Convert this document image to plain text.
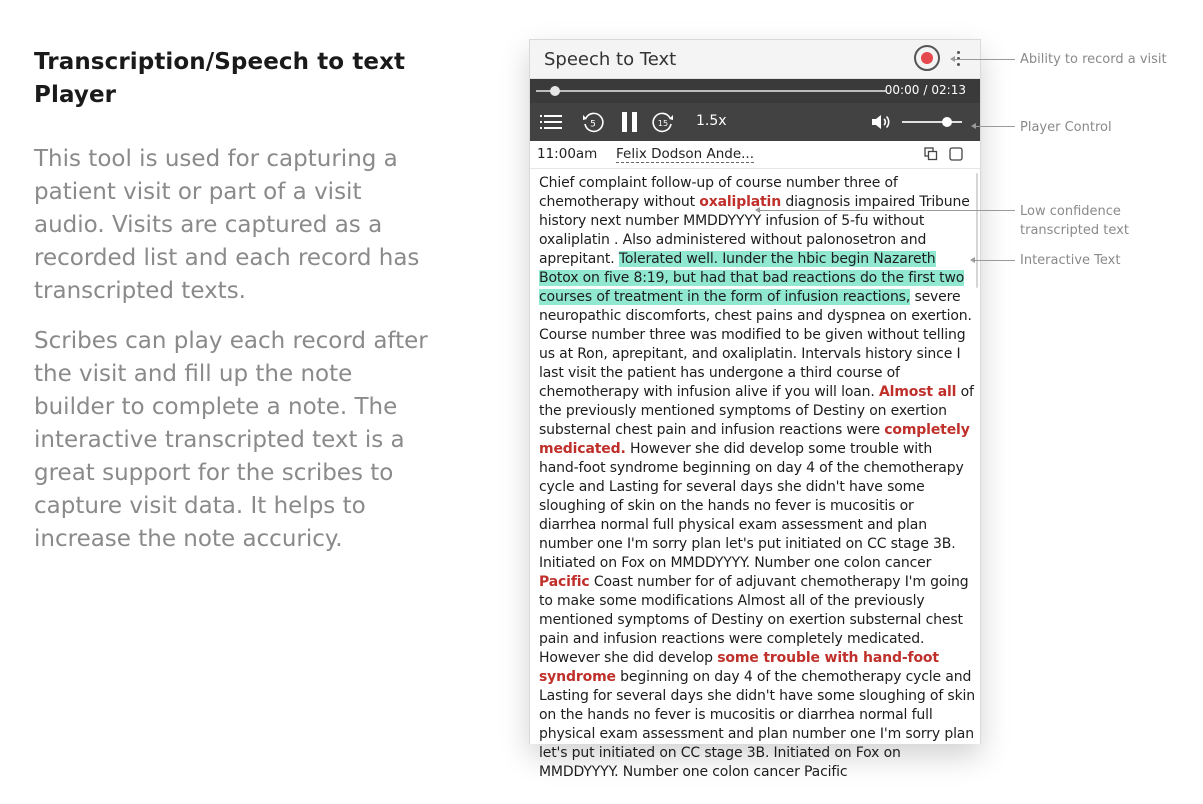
Transcription/Speech to text Player

This tool is used for capturing a patient visit or part of a visit audio. Visits are captured as a recorded list and each record has transcripted texts.

Scribes can play each record after the visit and fill up the note builder to complete a note. The interactive transcripted text is a great support for the scribes to capture visit data. It helps to increase the note accuricy.

Speech to Text
00:00 / 02:13
5	15 1.5x
11:00am Felix Dodson Ande...
Chief complaint follow-up of course number three of chemotherapy without oxaliplatin diagnosis impaired Tribune history next number MMDDYYYY infusion of 5-fu without oxaliplatin . Also administered without palonosetron and aprepitant. Tolerated well. Iunder the hbic begin Nazareth Botox on five 8:19, but had that bad reactions do the first two courses of treatment in the form of infusion reactions, severe neuropathic discomforts, chest pains and dyspnea on exertion. Course number three was modified to be given without telling us at Ron, aprepitant, and oxaliplatin. Intervals history since I last visit the patient has undergone a third course of chemotherapy with infusion alive if you will loan. Almost all of the previously mentioned symptoms of Destiny on exertion substernal chest pain and infusion reactions were completely medicated. However she did develop some trouble with hand-foot syndrome beginning on day 4 of the chemotherapy cycle and Lasting for several days she didn't have some sloughing of skin on the hands no fever is mucositis or diarrhea normal full physical exam assessment and plan number one I'm sorry plan let's put initiated on CC stage 3B. Initiated on Fox on MMDDYYYY. Number one colon cancer Pacific Coast number for of adjuvant chemotherapy I'm going to make some modifications Almost all of the previously mentioned symptoms of Destiny on exertion substernal chest pain and infusion reactions were completely medicated. However she did develop some trouble with hand-foot syndrome beginning on day 4 of the chemotherapy cycle and Lasting for several days she didn't have some sloughing of skin on the hands no fever is mucositis or diarrhea normal full physical exam assessment and plan number one I'm sorry plan let's put initiated on CC stage 3B. Initiated on Fox on MMDDYYYY. Number one colon cancer Pacific
Ability to record a visit
Player Control
Low confidence transcripted text
Interactive Text
